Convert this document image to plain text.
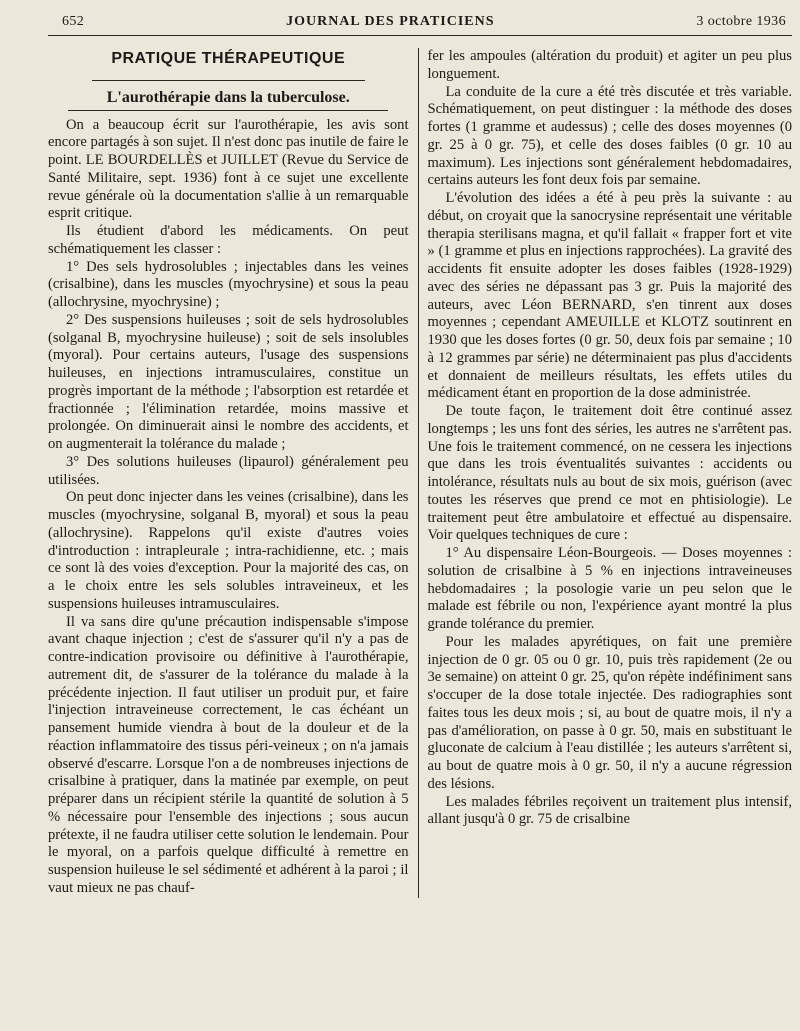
652	JOURNAL DES PRATICIENS	3 octobre 1936
PRATIQUE THÉRAPEUTIQUE
L'aurothérapie dans la tuberculose.

On a beaucoup écrit sur l'aurothérapie, les avis sont encore partagés à son sujet. Il n'est donc pas inutile de faire le point. LE BOURDELLÈS et JUILLET (Revue du Service de Santé Militaire, sept. 1936) font à ce sujet une excellente revue générale où la documentation s'allie à un remarquable esprit critique.

Ils étudient d'abord les médicaments. On peut schématiquement les classer :

1° Des sels hydrosolubles ; injectables dans les veines (crisalbine), dans les muscles (myochrysine) et sous la peau (allochrysine, myochrysine) ;

2° Des suspensions huileuses ; soit de sels hydrosolubles (solganal B, myochrysine huileuse) ; soit de sels insolubles (myoral). Pour certains auteurs, l'usage des suspensions huileuses, en injections intramusculaires, constitue un progrès important de la méthode ; l'absorption est retardée et fractionnée ; l'élimination retardée, moins massive et prolongée. On diminuerait ainsi le nombre des accidents, et on augmenterait la tolérance du malade ;

3° Des solutions huileuses (lipaurol) généralement peu utilisées.

On peut donc injecter dans les veines (crisalbine), dans les muscles (myochrysine, solganal B, myoral) et sous la peau (allochrysine). Rappelons qu'il existe d'autres voies d'introduction : intrapleurale ; intra-rachidienne, etc. ; mais ce sont là des voies d'exception. Pour la majorité des cas, on a le choix entre les sels solubles intraveineux, et les suspensions huileuses intramusculaires.

Il va sans dire qu'une précaution indispensable s'impose avant chaque injection ; c'est de s'assurer qu'il n'y a pas de contre-indication provisoire ou définitive à l'aurothérapie, autrement dit, de s'assurer de la tolérance du malade à la précédente injection. Il faut utiliser un produit pur, et faire l'injection intraveineuse correctement, le cas échéant un pansement humide viendra à bout de la douleur et de la réaction inflammatoire des tissus péri-veineux ; on n'a jamais observé d'escarre. Lorsque l'on a de nombreuses injections de crisalbine à pratiquer, dans la matinée par exemple, on peut préparer dans un récipient stérile la quantité de solution à 5 % nécessaire pour l'ensemble des injections ; sous aucun prétexte, il ne faudra utiliser cette solution le lendemain. Pour le myoral, on a parfois quelque difficulté à remettre en suspension huileuse le sel sédimenté et adhérent à la paroi ; il vaut mieux ne pas chauf-

fer les ampoules (altération du produit) et agiter un peu plus longuement.

La conduite de la cure a été très discutée et très variable. Schématiquement, on peut distinguer : la méthode des doses fortes (1 gramme et audessus) ; celle des doses moyennes (0 gr. 25 à 0 gr. 75), et celle des doses faibles (0 gr. 10 au maximum). Les injections sont généralement hebdomadaires, certains auteurs les font deux fois par semaine.

L'évolution des idées a été à peu près la suivante : au début, on croyait que la sanocrysine représentait une véritable therapia sterilisans magna, et qu'il fallait « frapper fort et vite » (1 gramme et plus en injections rapprochées). La gravité des accidents fit ensuite adopter les doses faibles (1928-1929) avec des séries ne dépassant pas 3 gr. Puis la majorité des auteurs, avec Léon BERNARD, s'en tinrent aux doses moyennes ; cependant AMEUILLE et KLOTZ soutinrent en 1930 que les doses fortes (0 gr. 50, deux fois par semaine ; 10 à 12 grammes par série) ne déterminaient pas plus d'accidents et donnaient de meilleurs résultats, les effets utiles du médicament étant en proportion de la dose administrée.

De toute façon, le traitement doit être continué assez longtemps ; les uns font des séries, les autres ne s'arrêtent pas. Une fois le traitement commencé, on ne cessera les injections que dans les trois éventualités suivantes : accidents ou intolérance, résultats nuls au bout de six mois, guérison (avec toutes les réserves que prend ce mot en phtisiologie). Le traitement peut être ambulatoire et effectué au dispensaire. Voir quelques techniques de cure :

1° Au dispensaire Léon-Bourgeois. — Doses moyennes : solution de crisalbine à 5 % en injections intraveineuses hebdomadaires ; la posologie varie un peu selon que le malade est fébrile ou non, l'expérience ayant montré la plus grande tolérance du premier.

Pour les malades apyrétiques, on fait une première injection de 0 gr. 05 ou 0 gr. 10, puis très rapidement (2e ou 3e semaine) on atteint 0 gr. 25, qu'on répète indéfiniment sans s'occuper de la dose totale injectée. Des radiographies sont faites tous les deux mois ; si, au bout de quatre mois, il n'y a pas d'amélioration, on passe à 0 gr. 50, mais en substituant le gluconate de calcium à l'eau distillée ; les auteurs s'arrêtent si, au bout de quatre mois à 0 gr. 50, il n'y a aucune régression des lésions.

Les malades fébriles reçoivent un traitement plus intensif, allant jusqu'à 0 gr. 75 de crisalbine
